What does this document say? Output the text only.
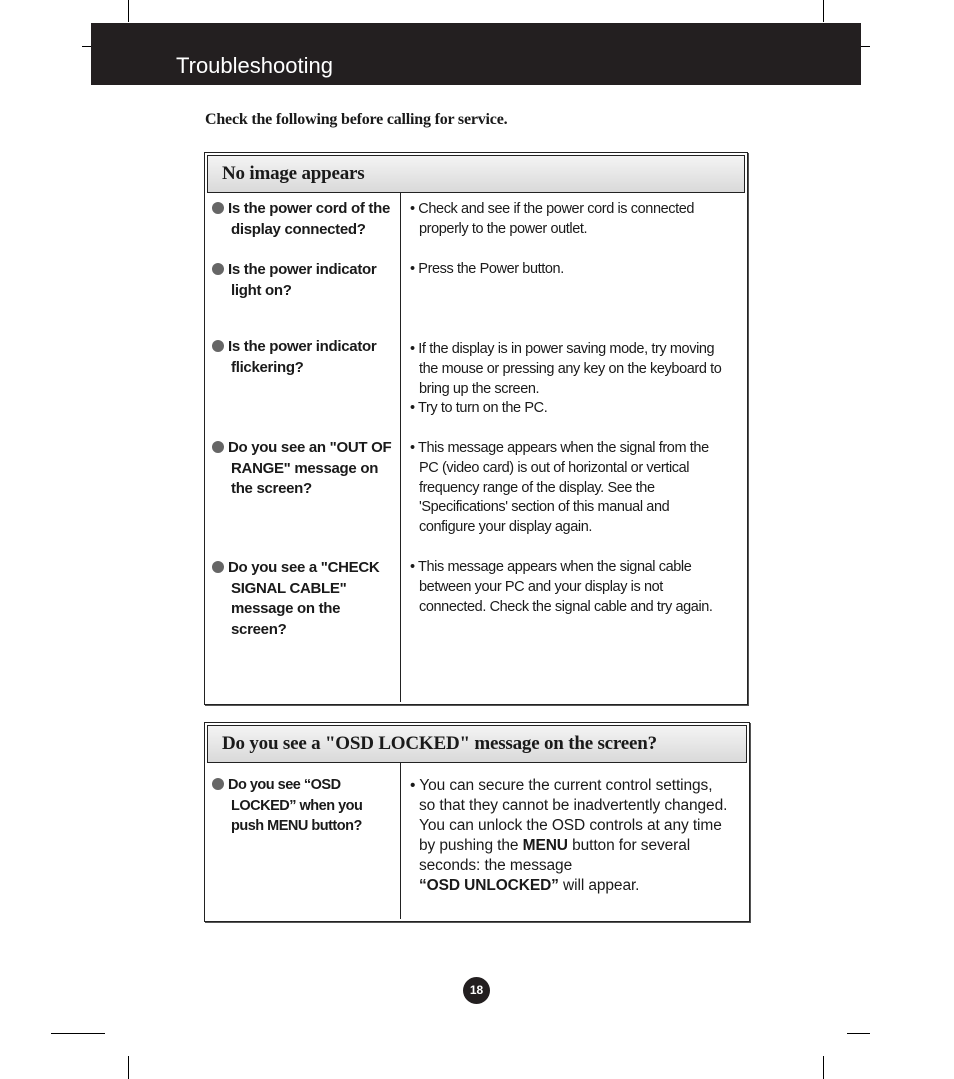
Troubleshooting
Check the following before calling for service.
No image appears
Is the power cord of the
display connected?
• Check and see if the power cord is connected
properly to the power outlet.
Is the power indicator
light on?
• Press the Power button.
Is the power indicator
flickering?
• If the display is in power saving mode, try moving
the mouse or pressing any key on the keyboard to
bring up the screen.
• Try to turn on the PC.
Do you see an "OUT OF
RANGE" message on
the screen?
• This message appears when the signal from the
PC (video card) is out of horizontal or vertical
frequency range of the display. See the
'Specifications' section of this manual and
configure your display again.
Do you see a "CHECK
SIGNAL CABLE"
message on the
screen?
• This message appears when the signal cable
between your PC and your display is not
connected. Check the signal cable and try again.
Do you see a "OSD LOCKED" message on the screen?
Do you see “OSD
LOCKED” when you
push MENU button?
• You can secure the current control settings,
so that they cannot be inadvertently changed.
You can unlock the OSD controls at any time
by pushing the MENU button for several
seconds: the message
“OSD UNLOCKED” will appear.
18
